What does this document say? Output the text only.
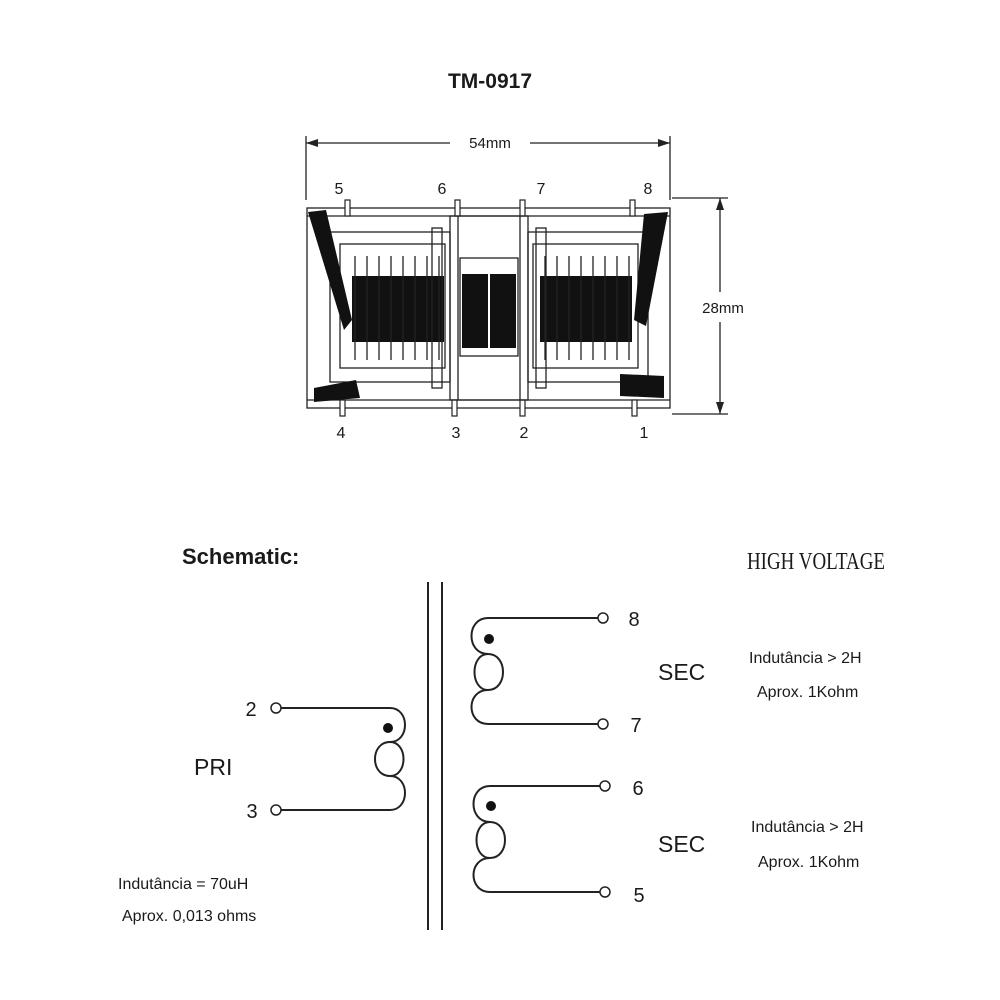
TM-0917
54mm
28mm
5	6	7	8
4	3	2	1
Schematic:	HIGH VOLTAGE
2
3
PRI
Indutância = 70uH
Aprox. 0,013 ohms
8
7
SEC
Indutância > 2H
Aprox. 1Kohm
6
5
SEC
Indutância > 2H
Aprox. 1Kohm
